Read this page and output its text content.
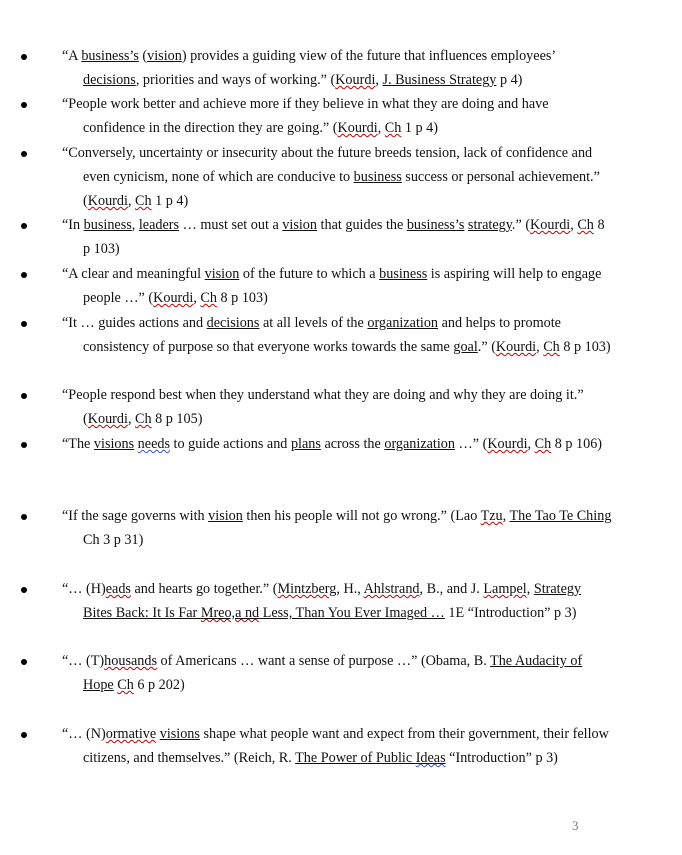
“A business’s (vision) provides a guiding view of the future that influences employees’ decisions, priorities and ways of working.” (Kourdi, J. Business Strategy p 4)
“People work better and achieve more if they believe in what they are doing and have confidence in the direction they are going.” (Kourdi, Ch 1 p 4)
“Conversely, uncertainty or insecurity about the future breeds tension, lack of confidence and even cynicism, none of which are conducive to business success or personal achievement.” (Kourdi, Ch 1 p 4)
“In business, leaders … must set out a vision that guides the business’s strategy.” (Kourdi, Ch 8 p 103)
“A clear and meaningful vision of the future to which a business is aspiring will help to engage people …” (Kourdi, Ch 8 p 103)
“It … guides actions and decisions at all levels of the organization and helps to promote consistency of purpose so that everyone works towards the same goal.” (Kourdi, Ch 8 p 103)
“People respond best when they understand what they are doing and why they are doing it.” (Kourdi, Ch 8 p 105)
“The visions needs to guide actions and plans across the organization …” (Kourdi, Ch 8 p 106)
“If the sage governs with vision then his people will not go wrong.” (Lao Tzu, The Tao Te Ching Ch 3 p 31)
“… (H)eads and hearts go together.” (Mintzberg, H., Ahlstrand, B., and J. Lampel, Strategy Bites Back: It Is Far Mreo,a nd Less, Than You Ever Imaged … 1E “Introduction” p 3)
“… (T)housands of Americans … want a sense of purpose …” (Obama, B. The Audacity of Hope Ch 6 p 202)
“… (N)ormative visions shape what people want and expect from their government, their fellow citizens, and themselves.” (Reich, R. The Power of Public Ideas “Introduction” p 3)
3
